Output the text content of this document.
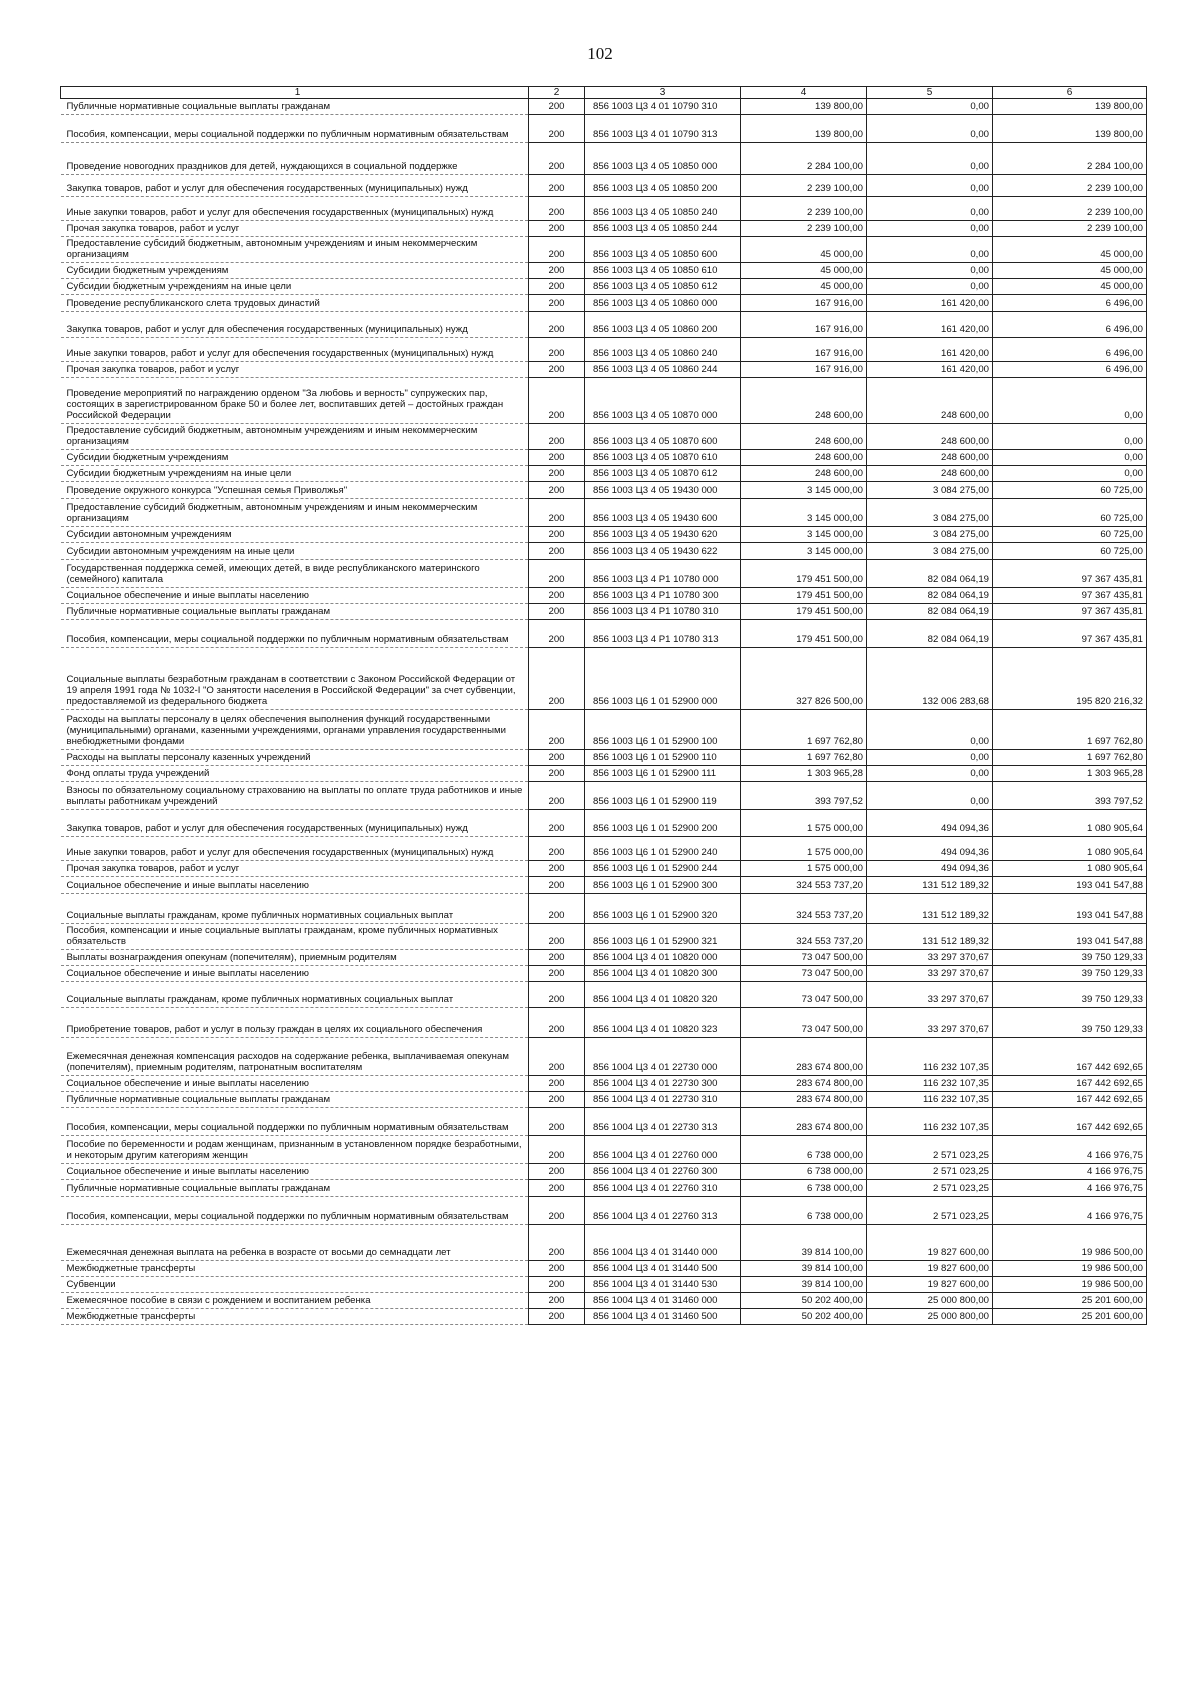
102
1	2	3	4	5	6
Публичные нормативные социальные выплаты гражданам	200	856 1003 Ц3 4 01 10790 310	139 800,00	0,00	139 800,00
Пособия, компенсации, меры социальной поддержки по публичным нормативным обязательствам	200	856 1003 Ц3 4 01 10790 313	139 800,00	0,00	139 800,00
Проведение новогодних праздников для детей, нуждающихся в социальной поддержке	200	856 1003 Ц3 4 05 10850 000	2 284 100,00	0,00	2 284 100,00
Закупка товаров, работ и услуг для обеспечения государственных (муниципальных) нужд	200	856 1003 Ц3 4 05 10850 200	2 239 100,00	0,00	2 239 100,00
Иные закупки товаров, работ и услуг для обеспечения государственных (муниципальных) нужд	200	856 1003 Ц3 4 05 10850 240	2 239 100,00	0,00	2 239 100,00
Прочая закупка товаров, работ и услуг	200	856 1003 Ц3 4 05 10850 244	2 239 100,00	0,00	2 239 100,00
Предоставление субсидий бюджетным, автономным учреждениям и иным некоммерческим организациям	200	856 1003 Ц3 4 05 10850 600	45 000,00	0,00	45 000,00
Субсидии бюджетным учреждениям	200	856 1003 Ц3 4 05 10850 610	45 000,00	0,00	45 000,00
Субсидии бюджетным учреждениям на иные цели	200	856 1003 Ц3 4 05 10850 612	45 000,00	0,00	45 000,00
Проведение республиканского слета трудовых династий	200	856 1003 Ц3 4 05 10860 000	167 916,00	161 420,00	6 496,00
Закупка товаров, работ и услуг для обеспечения государственных (муниципальных) нужд	200	856 1003 Ц3 4 05 10860 200	167 916,00	161 420,00	6 496,00
Иные закупки товаров, работ и услуг для обеспечения государственных (муниципальных) нужд	200	856 1003 Ц3 4 05 10860 240	167 916,00	161 420,00	6 496,00
Прочая закупка товаров, работ и услуг	200	856 1003 Ц3 4 05 10860 244	167 916,00	161 420,00	6 496,00
Проведение мероприятий по награждению орденом "За любовь и верность" супружеских пар, состоящих в зарегистрированном браке 50 и более лет, воспитавших детей – достойных граждан Российской Федерации	200	856 1003 Ц3 4 05 10870 000	248 600,00	248 600,00	0,00
Предоставление субсидий бюджетным, автономным учреждениям и иным некоммерческим организациям	200	856 1003 Ц3 4 05 10870 600	248 600,00	248 600,00	0,00
Субсидии бюджетным учреждениям	200	856 1003 Ц3 4 05 10870 610	248 600,00	248 600,00	0,00
Субсидии бюджетным учреждениям на иные цели	200	856 1003 Ц3 4 05 10870 612	248 600,00	248 600,00	0,00
Проведение окружного конкурса "Успешная семья Приволжья"	200	856 1003 Ц3 4 05 19430 000	3 145 000,00	3 084 275,00	60 725,00
Предоставление субсидий бюджетным, автономным учреждениям и иным некоммерческим организациям	200	856 1003 Ц3 4 05 19430 600	3 145 000,00	3 084 275,00	60 725,00
Субсидии автономным учреждениям	200	856 1003 Ц3 4 05 19430 620	3 145 000,00	3 084 275,00	60 725,00
Субсидии автономным учреждениям на иные цели	200	856 1003 Ц3 4 05 19430 622	3 145 000,00	3 084 275,00	60 725,00
Государственная поддержка семей, имеющих детей, в виде республиканского материнского (семейного) капитала	200	856 1003 Ц3 4 Р1 10780 000	179 451 500,00	82 084 064,19	97 367 435,81
Социальное обеспечение и иные выплаты населению	200	856 1003 Ц3 4 Р1 10780 300	179 451 500,00	82 084 064,19	97 367 435,81
Публичные нормативные социальные выплаты гражданам	200	856 1003 Ц3 4 Р1 10780 310	179 451 500,00	82 084 064,19	97 367 435,81
Пособия, компенсации, меры социальной поддержки по публичным нормативным обязательствам	200	856 1003 Ц3 4 Р1 10780 313	179 451 500,00	82 084 064,19	97 367 435,81
Социальные выплаты безработным гражданам в соответствии с Законом Российской Федерации от 19 апреля 1991 года № 1032-I "О занятости населения в Российской Федерации" за счет субвенции, предоставляемой из федерального бюджета	200	856 1003 Ц6 1 01 52900 000	327 826 500,00	132 006 283,68	195 820 216,32
Расходы на выплаты персоналу в целях обеспечения выполнения функций государственными (муниципальными) органами, казенными учреждениями, органами управления государственными внебюджетными фондами	200	856 1003 Ц6 1 01 52900 100	1 697 762,80	0,00	1 697 762,80
Расходы на выплаты персоналу казенных учреждений	200	856 1003 Ц6 1 01 52900 110	1 697 762,80	0,00	1 697 762,80
Фонд оплаты труда учреждений	200	856 1003 Ц6 1 01 52900 111	1 303 965,28	0,00	1 303 965,28
Взносы по обязательному социальному страхованию на выплаты по оплате труда работников и иные выплаты работникам учреждений	200	856 1003 Ц6 1 01 52900 119	393 797,52	0,00	393 797,52
Закупка товаров, работ и услуг для обеспечения государственных (муниципальных) нужд	200	856 1003 Ц6 1 01 52900 200	1 575 000,00	494 094,36	1 080 905,64
Иные закупки товаров, работ и услуг для обеспечения государственных (муниципальных) нужд	200	856 1003 Ц6 1 01 52900 240	1 575 000,00	494 094,36	1 080 905,64
Прочая закупка товаров, работ и услуг	200	856 1003 Ц6 1 01 52900 244	1 575 000,00	494 094,36	1 080 905,64
Социальное обеспечение и иные выплаты населению	200	856 1003 Ц6 1 01 52900 300	324 553 737,20	131 512 189,32	193 041 547,88
Социальные выплаты гражданам, кроме публичных нормативных социальных выплат	200	856 1003 Ц6 1 01 52900 320	324 553 737,20	131 512 189,32	193 041 547,88
Пособия, компенсации и иные социальные выплаты гражданам, кроме публичных нормативных обязательств	200	856 1003 Ц6 1 01 52900 321	324 553 737,20	131 512 189,32	193 041 547,88
Выплаты вознаграждения опекунам (попечителям), приемным родителям	200	856 1004 Ц3 4 01 10820 000	73 047 500,00	33 297 370,67	39 750 129,33
Социальное обеспечение и иные выплаты населению	200	856 1004 Ц3 4 01 10820 300	73 047 500,00	33 297 370,67	39 750 129,33
Социальные выплаты гражданам, кроме публичных нормативных социальных выплат	200	856 1004 Ц3 4 01 10820 320	73 047 500,00	33 297 370,67	39 750 129,33
Приобретение товаров, работ и услуг в пользу граждан в целях их социального обеспечения	200	856 1004 Ц3 4 01 10820 323	73 047 500,00	33 297 370,67	39 750 129,33
Ежемесячная денежная компенсация расходов на содержание ребенка, выплачиваемая опекунам (попечителям), приемным родителям, патронатным воспитателям	200	856 1004 Ц3 4 01 22730 000	283 674 800,00	116 232 107,35	167 442 692,65
Социальное обеспечение и иные выплаты населению	200	856 1004 Ц3 4 01 22730 300	283 674 800,00	116 232 107,35	167 442 692,65
Публичные нормативные социальные выплаты гражданам	200	856 1004 Ц3 4 01 22730 310	283 674 800,00	116 232 107,35	167 442 692,65
Пособия, компенсации, меры социальной поддержки по публичным нормативным обязательствам	200	856 1004 Ц3 4 01 22730 313	283 674 800,00	116 232 107,35	167 442 692,65
Пособие по беременности и родам женщинам, признанным в установленном порядке безработными, и некоторым другим категориям женщин	200	856 1004 Ц3 4 01 22760 000	6 738 000,00	2 571 023,25	4 166 976,75
Социальное обеспечение и иные выплаты населению	200	856 1004 Ц3 4 01 22760 300	6 738 000,00	2 571 023,25	4 166 976,75
Публичные нормативные социальные выплаты гражданам	200	856 1004 Ц3 4 01 22760 310	6 738 000,00	2 571 023,25	4 166 976,75
Пособия, компенсации, меры социальной поддержки по публичным нормативным обязательствам	200	856 1004 Ц3 4 01 22760 313	6 738 000,00	2 571 023,25	4 166 976,75
Ежемесячная денежная выплата на ребенка в возрасте от восьми до семнадцати лет	200	856 1004 Ц3 4 01 31440 000	39 814 100,00	19 827 600,00	19 986 500,00
Межбюджетные трансферты	200	856 1004 Ц3 4 01 31440 500	39 814 100,00	19 827 600,00	19 986 500,00
Субвенции	200	856 1004 Ц3 4 01 31440 530	39 814 100,00	19 827 600,00	19 986 500,00
Ежемесячное пособие в связи с рождением и воспитанием ребенка	200	856 1004 Ц3 4 01 31460 000	50 202 400,00	25 000 800,00	25 201 600,00
Межбюджетные трансферты	200	856 1004 Ц3 4 01 31460 500	50 202 400,00	25 000 800,00	25 201 600,00
